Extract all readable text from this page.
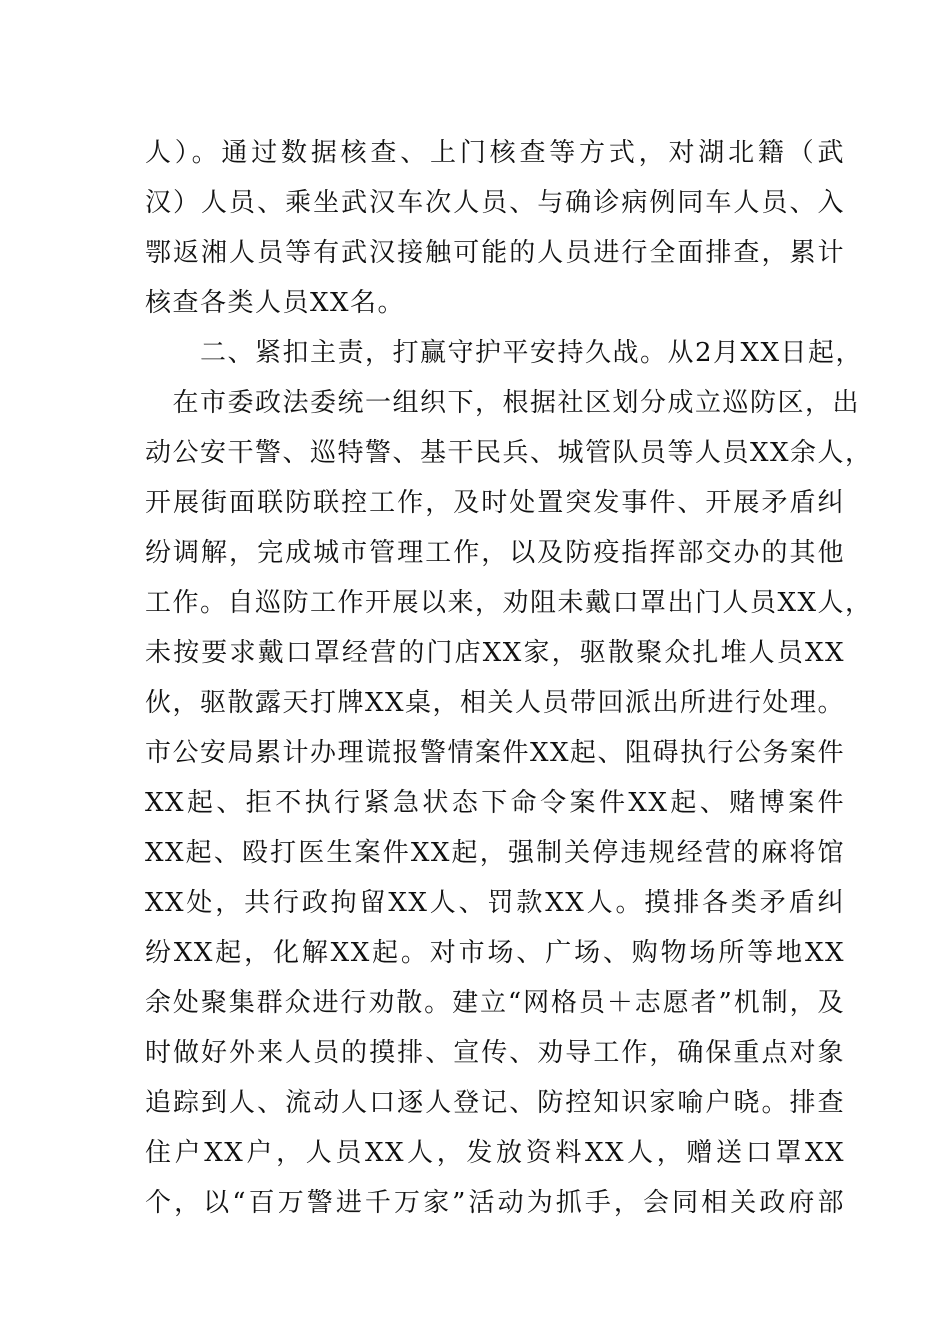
人）。通过数据核查、上门核查等方式，对湖北籍（武
汉）人员、乘坐武汉车次人员、与确诊病例同车人员、入
鄂返湘人员等有武汉接触可能的人员进行全面排查，累计
核查各类人员XX名。
　　二、紧扣主责，打赢守护平安持久战。从2月XX日起，
　在市委政法委统一组织下，根据社区划分成立巡防区，出
动公安干警、巡特警、基干民兵、城管队员等人员XX余人，
开展街面联防联控工作，及时处置突发事件、开展矛盾纠
纷调解，完成城市管理工作，以及防疫指挥部交办的其他
工作。自巡防工作开展以来，劝阻未戴口罩出门人员XX人，
未按要求戴口罩经营的门店XX家，驱散聚众扎堆人员XX
伙，驱散露天打牌XX桌，相关人员带回派出所进行处理。
市公安局累计办理谎报警情案件XX起、阻碍执行公务案件
XX起、拒不执行紧急状态下命令案件XX起、赌博案件
XX起、殴打医生案件XX起，强制关停违规经营的麻将馆
XX处，共行政拘留XX人、罚款XX人。摸排各类矛盾纠
纷XX起，化解XX起。对市场、广场、购物场所等地XX
余处聚集群众进行劝散。建立“网格员＋志愿者”机制，及
时做好外来人员的摸排、宣传、劝导工作，确保重点对象
追踪到人、流动人口逐人登记、防控知识家喻户晓。排查
住户XX户，人员XX人，发放资料XX人，赠送口罩XX
个，以“百万警进千万家”活动为抓手，会同相关政府部
